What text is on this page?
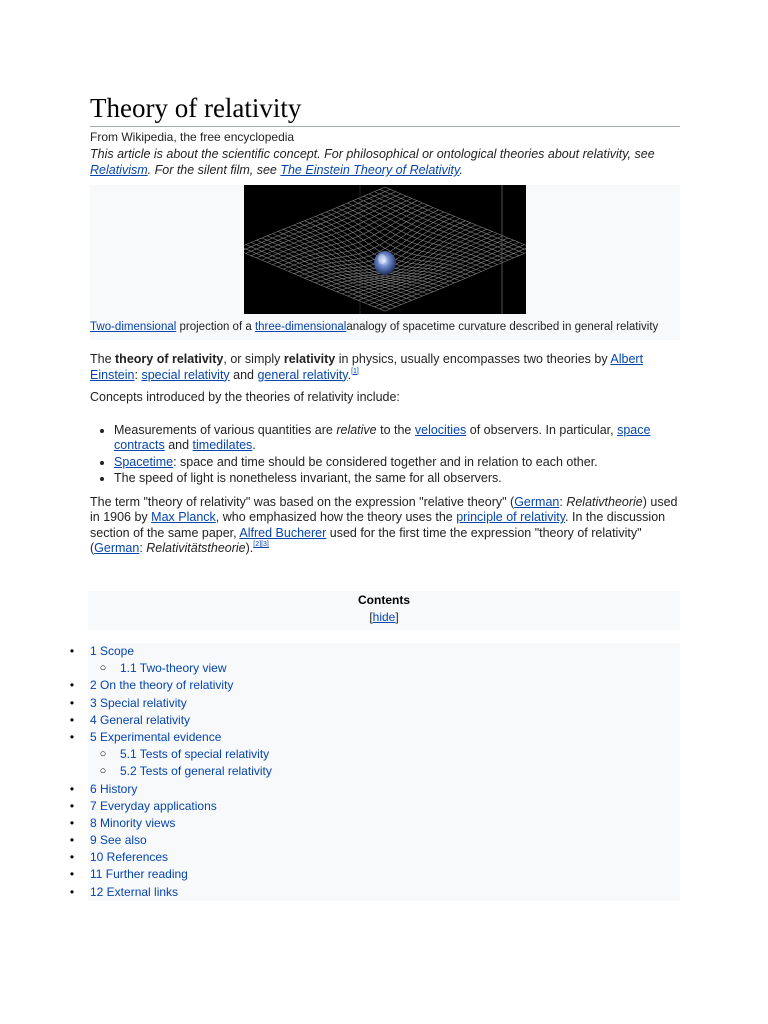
Theory of relativity
From Wikipedia, the free encyclopedia
This article is about the scientific concept. For philosophical or ontological theories about relativity, see Relativism. For the silent film, see The Einstein Theory of Relativity.
Two-dimensional projection of a three-dimensionalanalogy of spacetime curvature described in general relativity

The theory of relativity, or simply relativity in physics, usually encompasses two theories by Albert Einstein: special relativity and general relativity.[1]

Concepts introduced by the theories of relativity include:

• Measurements of various quantities are relative to the velocities of observers. In particular, space contracts and timedilates.
• Spacetime: space and time should be considered together and in relation to each other.
• The speed of light is nonetheless invariant, the same for all observers.

The term "theory of relativity" was based on the expression "relative theory" (German: Relativtheorie) used in 1906 by Max Planck, who emphasized how the theory uses the principle of relativity. In the discussion section of the same paper, Alfred Bucherer used for the first time the expression "theory of relativity" (German: Relativitätstheorie).[2][3]

Contents
[hide]
• 1 Scope
○ 1.1 Two-theory view
• 2 On the theory of relativity
• 3 Special relativity
• 4 General relativity
• 5 Experimental evidence
○ 5.1 Tests of special relativity
○ 5.2 Tests of general relativity
• 6 History
• 7 Everyday applications
• 8 Minority views
• 9 See also
• 10 References
• 11 Further reading
• 12 External links
